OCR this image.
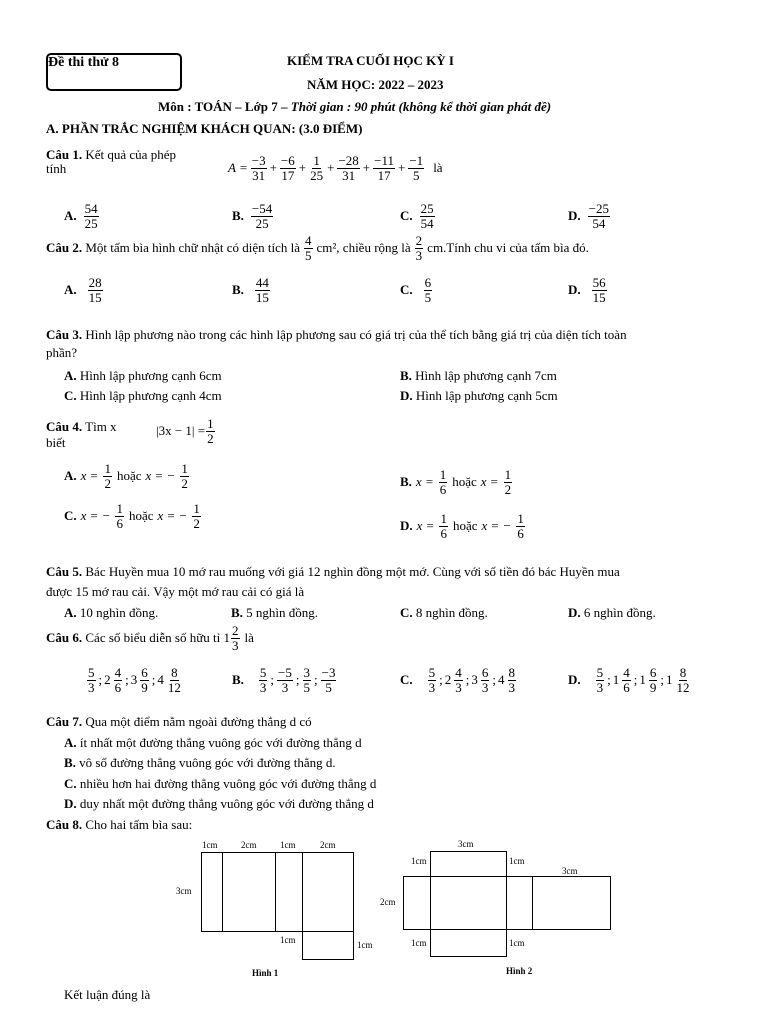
Đề thi thử 8	KIỂM TRA CUỐI HỌC KỲ I
NĂM HỌC: 2022 – 2023
Môn : TOÁN – Lớp 7 – Thời gian : 90 phút (không kể thời gian phát đề)
A. PHẦN TRẮC NGHIỆM KHÁCH QUAN: (3.0 ĐIỂM)
Câu 1. Kết quả của phép
tính	$A = \frac{-3}{31} + \frac{-6}{17} + \frac{1}{25} + \frac{-28}{31} + \frac{-11}{17} + \frac{-1}{5}$ là
A. $\frac{54}{25}$	B. $\frac{-54}{25}$	C. $\frac{25}{54}$	D. $\frac{-25}{54}$
Câu 2.
Một tấm bìa hình chữ nhật có diện tích là $\frac{4}{5} cm^2$, chiều rộng là $\frac{2}{3}$ cm.Tính chu vi của tấm bìa đó.
A. $\frac{28}{15}$	B. $\frac{44}{15}$	C. $\frac{6}{5}$	D. $\frac{56}{15}$
Câu 3. Hình lập phương nào trong các hình lập phương sau có giá trị của thể tích bằng giá trị của diện tích toàn
phần?
A. Hình lập phương cạnh 6cm	B. Hình lập phương cạnh 7cm
C. Hình lập phương cạnh 4cm	D. Hình lập phương cạnh 5cm
Câu 4. Tìm x
biết
$|3x - 1| = \frac{1}{2}$
A. $x = \frac{1}{2}$ hoặc x = − $\frac{1}{2}$	B. $x = \frac{1}{6}$ hoặc $x = \frac{1}{2}$
C. x = − $\frac{1}{6}$ hoặc x = − $\frac{1}{2}$	D. $x = \frac{1}{6}$ hoặc x = − $\frac{1}{6}$
Câu 5. Bác Huyền mua 10 mớ rau muống với giá 12 nghìn đồng một mớ. Cùng với số tiền đó bác Huyền mua
được 15 mớ rau cải. Vậy một mớ rau cải có giá là
A. 10 nghìn đồng.	B. 5 nghìn đồng.	C. 8 nghìn đồng.	D. 6 nghìn đồng.
Câu 6.
Các số biểu diễn số hữu tỉ
$1 \frac{2}{3}$ là
$\frac{5}{3}$ ; $2 \frac{4}{6}$ ; $3 \frac{6}{9}$ ; $4 \frac{8}{12}$	B. $\frac{5}{3}$ ; $\frac{-5}{3}$ ; $\frac{3}{5}$ ; $\frac{-3}{5}$	C. $\frac{5}{3}$ ; $2 \frac{4}{3}$ ; $3 \frac{6}{3}$ ; $4 \frac{8}{3}$	D. $\frac{5}{3}$ ; $1 \frac{4}{6}$ ; $1 \frac{6}{9}$ ; $1 \frac{8}{12}$
Câu 7. Qua một điểm nằm ngoài đường thẳng d có
A. ít nhất một đường thẳng vuông góc với đường thẳng d
B. vô số đường thẳng vuông góc với đường thẳng d.
C. nhiều hơn hai đường thẳng vuông góc với đường thẳng d
D. duy nhất một đường thẳng vuông góc với đường thẳng d
Câu 8. Cho hai tấm bìa sau:
1cm	2cm	1cm	2cm
3cm
1cm	1cm
Hình 1
3cm
1cm	1cm
3cm
2cm
1cm	1cm
Hình 2
Kết luận đúng là
